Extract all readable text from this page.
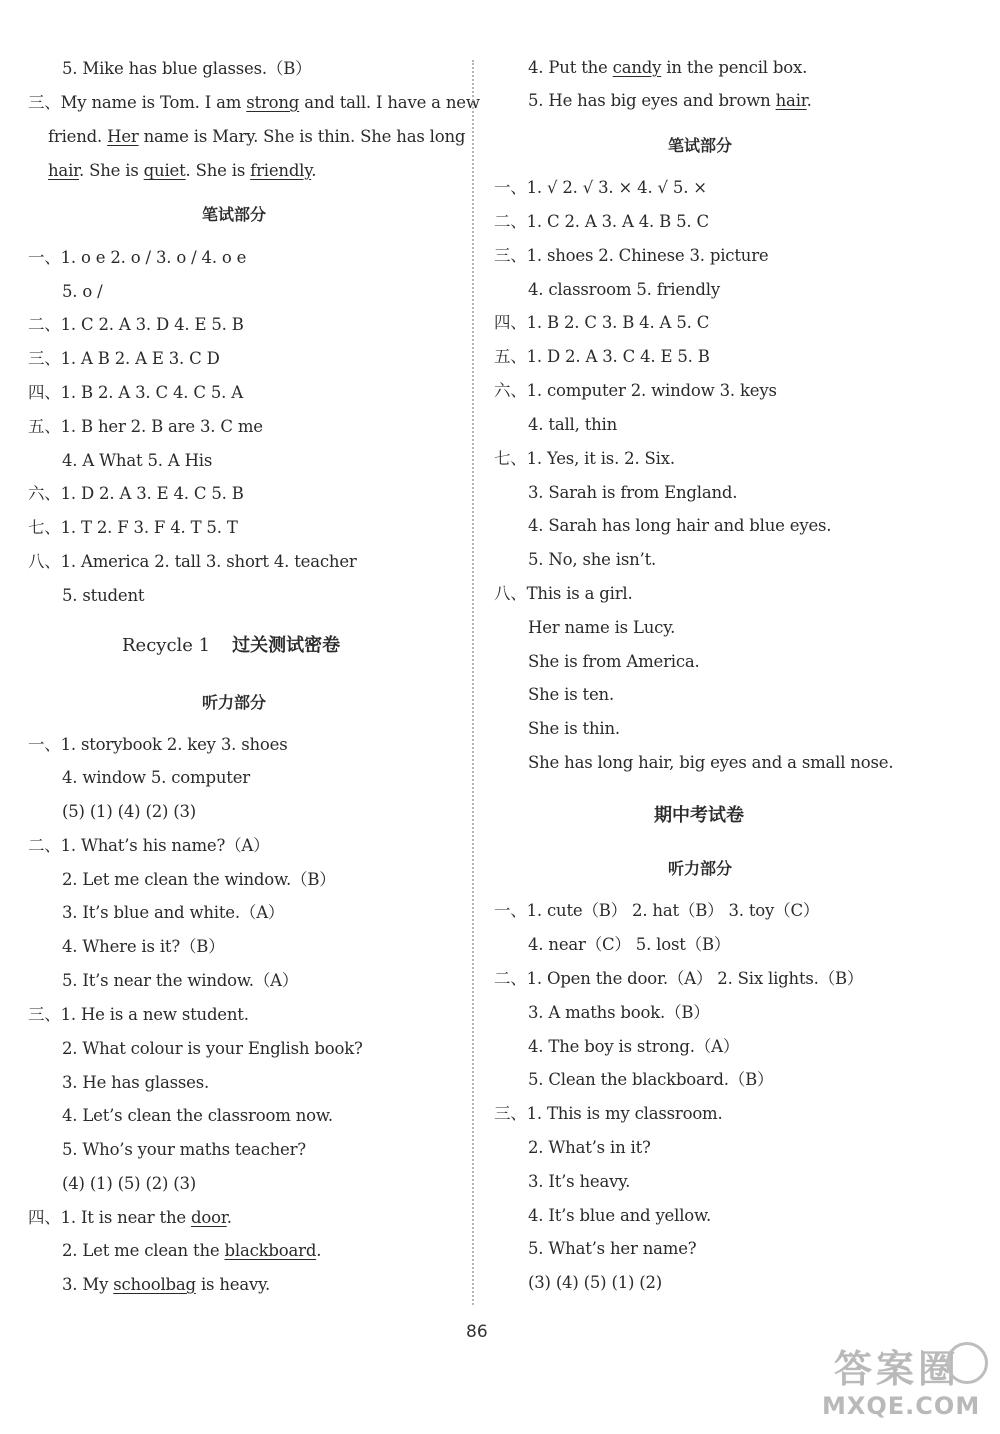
5. Mike has blue glasses.（B）
三、My name is Tom. I am strong and tall. I have a new
friend. Her name is Mary. She is thin. She has long
hair. She is quiet. She is friendly.
笔试部分
一、1. o e 2. o / 3. o / 4. o e
5. o /
二、1. C 2. A 3. D 4. E 5. B
三、1. A B 2. A E 3. C D
四、1. B 2. A 3. C 4. C 5. A
五、1. B her 2. B are 3. C me
4. A What 5. A His
六、1. D 2. A 3. E 4. C 5. B
七、1. T 2. F 3. F 4. T 5. T
八、1. America 2. tall 3. short 4. teacher
5. student
Recycle 1 过关测试密卷
听力部分
一、1. storybook 2. key 3. shoes
4. window 5. computer
(5) (1) (4) (2) (3)
二、1. What’s his name?（A）
2. Let me clean the window.（B）
3. It’s blue and white.（A）
4. Where is it?（B）
5. It’s near the window.（A）
三、1. He is a new student.
2. What colour is your English book?
3. He has glasses.
4. Let’s clean the classroom now.
5. Who’s your maths teacher?
(4) (1) (5) (2) (3)
四、1. It is near the door.
2. Let me clean the blackboard.
3. My schoolbag is heavy.
4. Put the candy in the pencil box.
5. He has big eyes and brown hair.
笔试部分
一、1. √ 2. √ 3. × 4. √ 5. ×
二、1. C 2. A 3. A 4. B 5. C
三、1. shoes 2. Chinese 3. picture
4. classroom 5. friendly
四、1. B 2. C 3. B 4. A 5. C
五、1. D 2. A 3. C 4. E 5. B
六、1. computer 2. window 3. keys
4. tall, thin
七、1. Yes, it is. 2. Six.
3. Sarah is from England.
4. Sarah has long hair and blue eyes.
5. No, she isn’t.
八、This is a girl.
Her name is Lucy.
She is from America.
She is ten.
She is thin.
She has long hair, big eyes and a small nose.
期中考试卷
听力部分
一、1. cute（B） 2. hat（B） 3. toy（C）
4. near（C） 5. lost（B）
二、1. Open the door.（A） 2. Six lights.（B）
3. A maths book.（B）
4. The boy is strong.（A）
5. Clean the blackboard.（B）
三、1. This is my classroom.
2. What’s in it?
3. It’s heavy.
4. It’s blue and yellow.
5. What’s her name?
(3) (4) (5) (1) (2)
86
答案圈
MXQE.COM
